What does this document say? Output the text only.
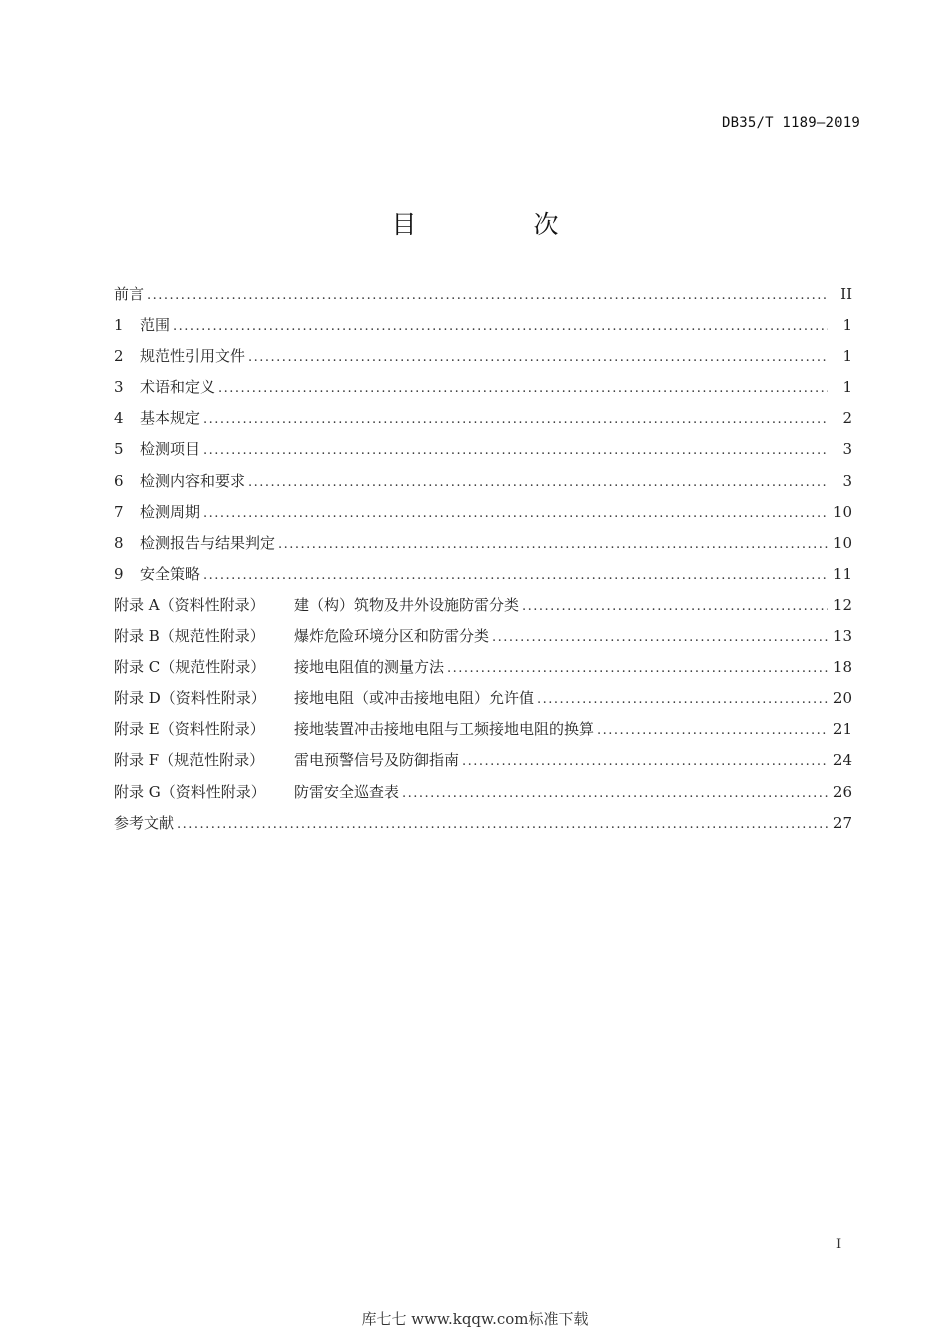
DB35/T 1189—2019
目　次
前言 .....	II
1	范围 .....	1
2	规范性引用文件 .....	1
3	术语和定义 .....	1
4	基本规定 .....	2
5	检测项目 .....	3
6	检测内容和要求 .....	3
7	检测周期 .....	10
8	检测报告与结果判定 .....	10
9	安全策略 .....	11
附录 A（资料性附录）	建（构）筑物及井外设施防雷分类 .....	12
附录 B（规范性附录）	爆炸危险环境分区和防雷分类 .....	13
附录 C（规范性附录）	接地电阻值的测量方法 .....	18
附录 D（资料性附录）	接地电阻（或冲击接地电阻）允许值 .....	20
附录 E（资料性附录）	接地装置冲击接地电阻与工频接地电阻的换算 .....	21
附录 F（规范性附录）	雷电预警信号及防御指南 .....	24
附录 G（资料性附录）	防雷安全巡查表 .....	26
参考文献 .....	27
I
库七七 www.kqqw.com标准下载
